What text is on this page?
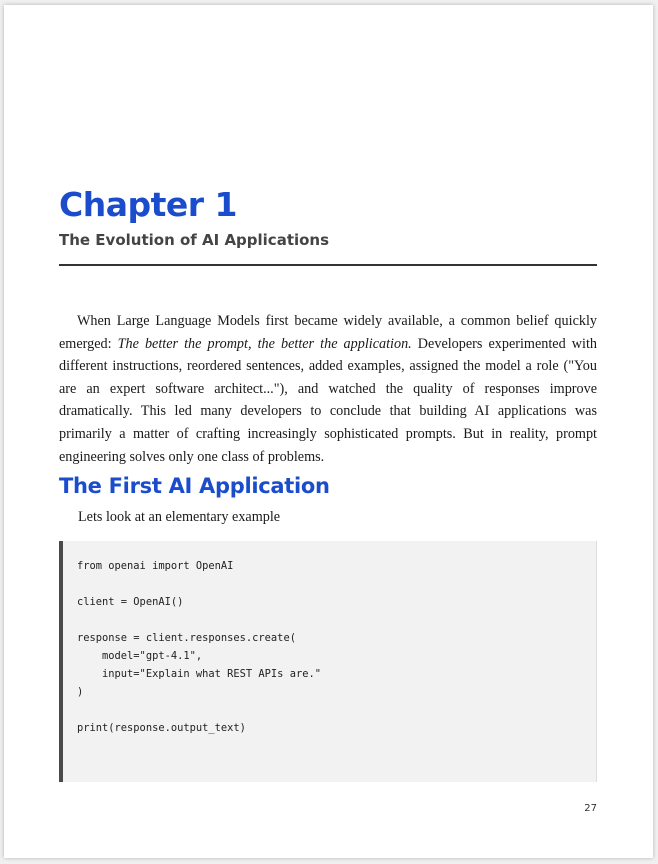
Chapter 1
The Evolution of AI Applications

When Large Language Models first became widely available, a common belief quickly emerged: The better the prompt, the better the application. Developers experimented with different instructions, reordered sentences, added examples, assigned the model a role ("You are an expert software architect..."), and watched the quality of responses improve dramatically. This led many developers to conclude that building AI applications was primarily a matter of crafting increasingly sophisticated prompts. But in reality, prompt engineering solves only one class of problems.

The First AI Application

Lets look at an elementary example

from openai import OpenAI

client = OpenAI()

response = client.responses.create(
model="gpt-4.1",
input="Explain what REST APIs are."
)

print(response.output_text)

27
